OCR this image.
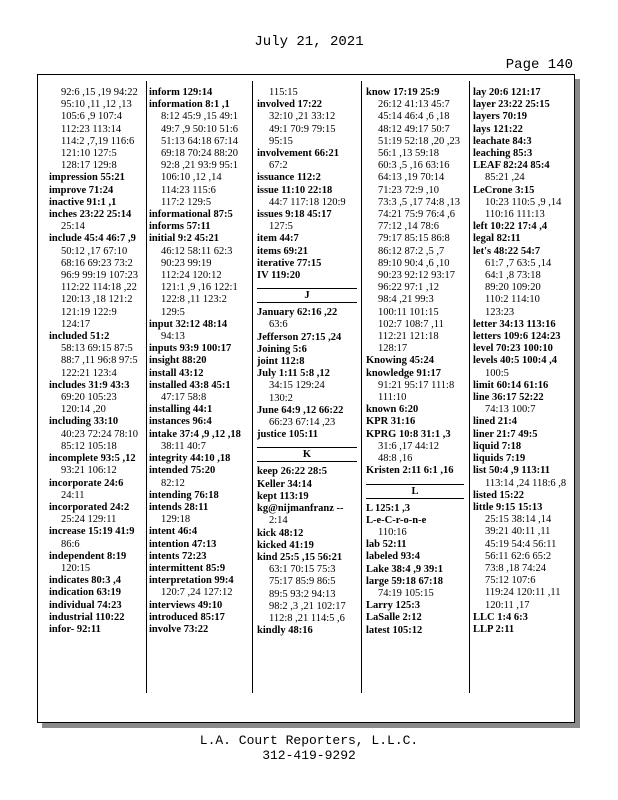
July 21, 2021
Page 140
92:6 ,15 ,19 94:22
95:10 ,11 ,12 ,13
105:6 ,9 107:4
112:23 113:14
114:2 ,7,19 116:6
121:10 127:5
128:17 129:8
impression 55:21
improve 71:24
inactive 91:1 ,1
inches 23:22 25:14
25:14
include 45:4 46:7 ,9
50:12 ,17 67:10
68:16 69:23 73:2
96:9 99:19 107:23
112:22 114:18 ,22
120:13 ,18 121:2
121:19 122:9
124:17
included 51:2
58:13 69:15 87:5
88:7 ,11 96:8 97:5
122:21 123:4
includes 31:9 43:3
69:20 105:23
120:14 ,20
including 33:10
40:23 72:24 78:10
85:12 105:18
incomplete 93:5 ,12
93:21 106:12
incorporate 24:6
24:11
incorporated 24:2
25:24 129:11
increase 15:19 41:9
86:6
independent 8:19
120:15
indicates 80:3 ,4
indication 63:19
individual 74:23
industrial 110:22
infor- 92:11
inform 129:14
information 8:1 ,1
8:12 45:9 ,15 49:1
49:7 ,9 50:10 51:6
51:13 64:18 67:14
69:18 70:24 88:20
92:8 ,21 93:9 95:1
106:10 ,12 ,14
114:23 115:6
117:2 129:5
informational 87:5
informs 57:11
initial 9:2 45:21
46:12 58:11 62:3
90:23 99:19
112:24 120:12
121:1 ,9 ,16 122:1
122:8 ,11 123:2
129:5
input 32:12 48:14
94:13
inputs 93:9 100:17
insight 88:20
install 43:12
installed 43:8 45:1
47:17 58:8
installing 44:1
instances 96:4
intake 37:4 ,9 ,12 ,18
38:11 40:7
integrity 44:10 ,18
intended 75:20
82:12
intending 76:18
intends 28:11
129:18
intent 46:4
intention 47:13
intents 72:23
intermittent 85:9
interpretation 99:4
120:7 ,24 127:12
interviews 49:10
introduced 85:17
involve 73:22
115:15
involved 17:22
32:10 ,21 33:12
49:1 70:9 79:15
95:15
involvement 66:21
67:2
issuance 112:2
issue 11:10 22:18
44:7 117:18 120:9
issues 9:18 45:17
127:5
item 44:7
items 69:21
iterative 77:15
IV 119:20
J
January 62:16 ,22
63:6
Jefferson 27:15 ,24
Joining 5:6
joint 112:8
July 1:11 5:8 ,12
34:15 129:24
130:2
June 64:9 ,12 66:22
66:23 67:14 ,23
justice 105:11
K
keep 26:22 28:5
Keller 34:14
kept 113:19
kg@nijmanfranz --
2:14
kick 48:12
kicked 41:19
kind 25:5 ,15 56:21
63:1 70:15 75:3
75:17 85:9 86:5
89:5 93:2 94:13
98:2 ,3 ,21 102:17
112:8 ,21 114:5 ,6
kindly 48:16
know 17:19 25:9
26:12 41:13 45:7
45:14 46:4 ,6 ,18
48:12 49:17 50:7
51:19 52:18 ,20 ,23
56:1 ,13 59:18
60:3 ,5 ,16 63:16
64:13 ,19 70:14
71:23 72:9 ,10
73:3 ,5 ,17 74:8 ,13
74:21 75:9 76:4 ,6
77:12 ,14 78:6
79:17 85:15 86:8
86:12 87:2 ,5 ,7
89:10 90:4 ,6 ,10
90:23 92:12 93:17
96:22 97:1 ,12
98:4 ,21 99:3
100:11 101:15
102:7 108:7 ,11
112:21 121:18
128:17
Knowing 45:24
knowledge 91:17
91:21 95:17 111:8
111:10
known 6:20
KPR 31:16
KPRG 10:8 31:1 ,3
31:6 ,17 44:12
48:8 ,16
Kristen 2:11 6:1 ,16
L
L 125:1 ,3
L-e-C-r-o-n-e
110:16
lab 52:11
labeled 93:4
Lake 38:4 ,9 39:1
large 59:18 67:18
74:19 105:15
Larry 125:3
LaSalle 2:12
latest 105:12
lay 20:6 121:17
layer 23:22 25:15
layers 70:19
lays 121:22
leachate 84:3
leaching 85:3
LEAF 82:24 85:4
85:21 ,24
LeCrone 3:15
10:23 110:5 ,9 ,14
110:16 111:13
left 10:22 17:4 ,4
legal 82:11
let's 48:22 54:7
61:7 ,7 63:5 ,14
64:1 ,8 73:18
89:20 109:20
110:2 114:10
123:23
letter 34:13 113:16
letters 109:6 124:23
level 70:23 100:10
levels 40:5 100:4 ,4
100:5
limit 60:14 61:16
line 36:17 52:22
74:13 100:7
lined 21:4
liner 21:7 49:5
liquid 7:18
liquids 7:19
list 50:4 ,9 113:11
113:14 ,24 118:6 ,8
listed 15:22
little 9:15 15:13
25:15 38:14 ,14
39:21 40:11 ,11
45:19 54:4 56:11
56:11 62:6 65:2
73:8 ,18 74:24
75:12 107:6
119:24 120:11 ,11
120:11 ,17
LLC 1:4 6:3
LLP 2:11
L.A. Court Reporters, L.L.C.
312-419-9292
